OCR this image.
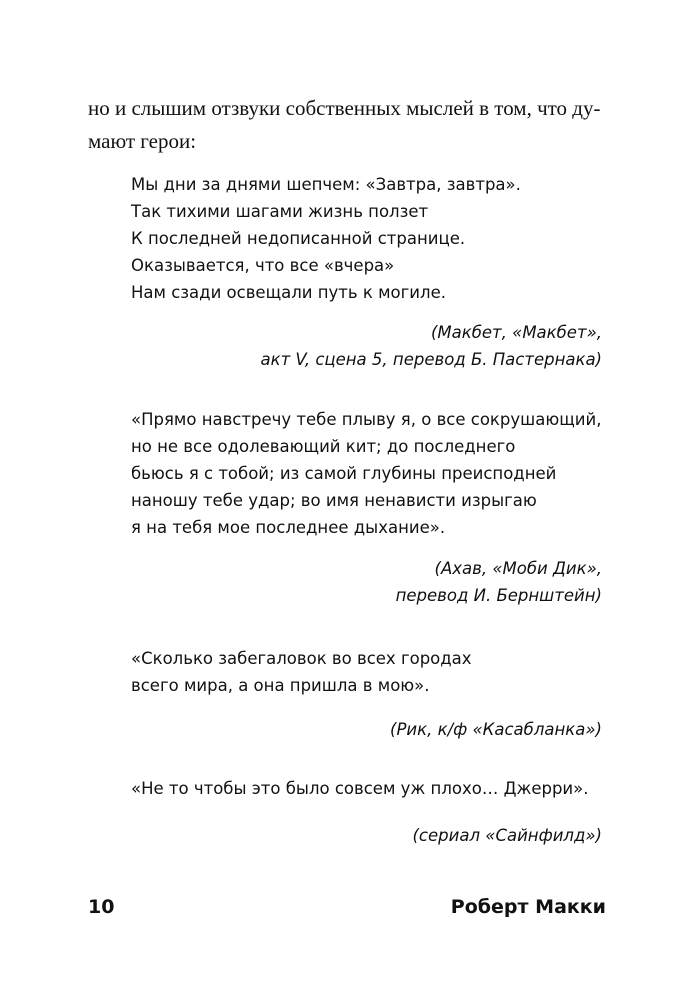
но и слышим отзвуки собственных мыслей в том, что ду-
мают герои:

Мы дни за днями шепчем: «Завтра, завтра».
Так тихими шагами жизнь ползет
К последней недописанной странице.
Оказывается, что все «вчера»
Нам сзади освещали путь к могиле.

(Макбет, «Макбет»,
акт V, сцена 5, перевод Б. Пастернака)

«Прямо навстречу тебе плыву я, о все сокрушающий,
но не все одолевающий кит; до последнего
бьюсь я с тобой; из самой глубины преисподней
наношу тебе удар; во имя ненависти изрыгаю
я на тебя мое последнее дыхание».

(Ахав, «Моби Дик»,
перевод И. Бернштейн)

«Сколько забегаловок во всех городах
всего мира, а она пришла в мою».

(Рик, к/ф «Касабланка»)

«Не то чтобы это было совсем уж плохо… Джерри».

(сериал «Сайнфилд»)

10	Роберт Макки
